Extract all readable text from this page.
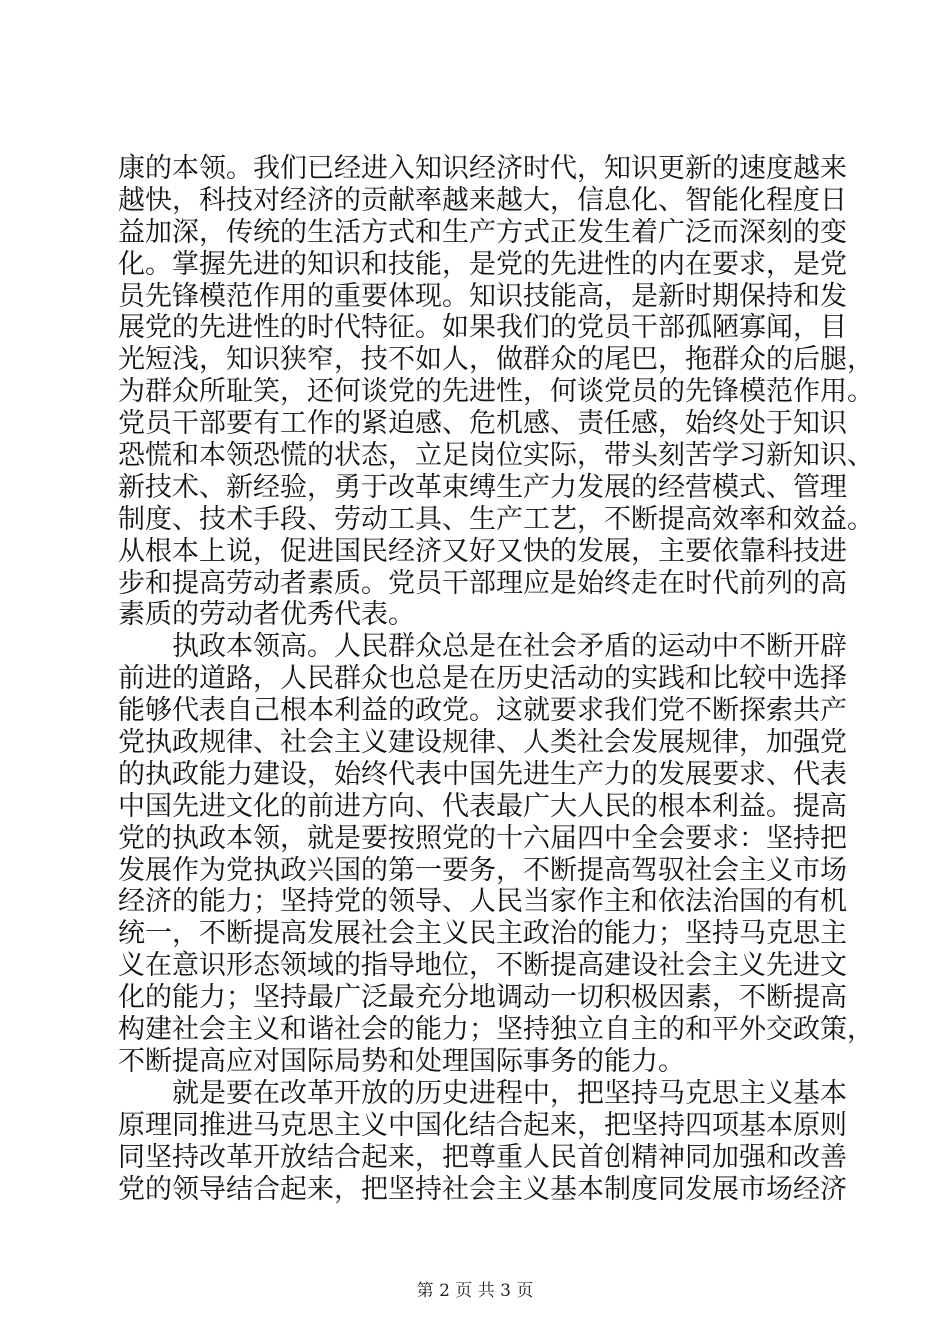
康的本领。我们已经进入知识经济时代，知识更新的速度越来
越快，科技对经济的贡献率越来越大，信息化、智能化程度日
益加深，传统的生活方式和生产方式正发生着广泛而深刻的变
化。掌握先进的知识和技能，是党的先进性的内在要求，是党
员先锋模范作用的重要体现。知识技能高，是新时期保持和发
展党的先进性的时代特征。如果我们的党员干部孤陋寡闻，目
光短浅，知识狭窄，技不如人，做群众的尾巴，拖群众的后腿，
为群众所耻笑，还何谈党的先进性，何谈党员的先锋模范作用。
党员干部要有工作的紧迫感、危机感、责任感，始终处于知识
恐慌和本领恐慌的状态，立足岗位实际，带头刻苦学习新知识、
新技术、新经验，勇于改革束缚生产力发展的经营模式、管理
制度、技术手段、劳动工具、生产工艺，不断提高效率和效益。
从根本上说，促进国民经济又好又快的发展，主要依靠科技进
步和提高劳动者素质。党员干部理应是始终走在时代前列的高
素质的劳动者优秀代表。
执政本领高。人民群众总是在社会矛盾的运动中不断开辟
前进的道路，人民群众也总是在历史活动的实践和比较中选择
能够代表自己根本利益的政党。这就要求我们党不断探索共产
党执政规律、社会主义建设规律、人类社会发展规律，加强党
的执政能力建设，始终代表中国先进生产力的发展要求、代表
中国先进文化的前进方向、代表最广大人民的根本利益。提高
党的执政本领，就是要按照党的十六届四中全会要求：坚持把
发展作为党执政兴国的第一要务，不断提高驾驭社会主义市场
经济的能力；坚持党的领导、人民当家作主和依法治国的有机
统一，不断提高发展社会主义民主政治的能力；坚持马克思主
义在意识形态领域的指导地位，不断提高建设社会主义先进文
化的能力；坚持最广泛最充分地调动一切积极因素，不断提高
构建社会主义和谐社会的能力；坚持独立自主的和平外交政策，
不断提高应对国际局势和处理国际事务的能力。
就是要在改革开放的历史进程中，把坚持马克思主义基本
原理同推进马克思主义中国化结合起来，把坚持四项基本原则
同坚持改革开放结合起来，把尊重人民首创精神同加强和改善
党的领导结合起来，把坚持社会主义基本制度同发展市场经济
第 2 页 共 3 页
